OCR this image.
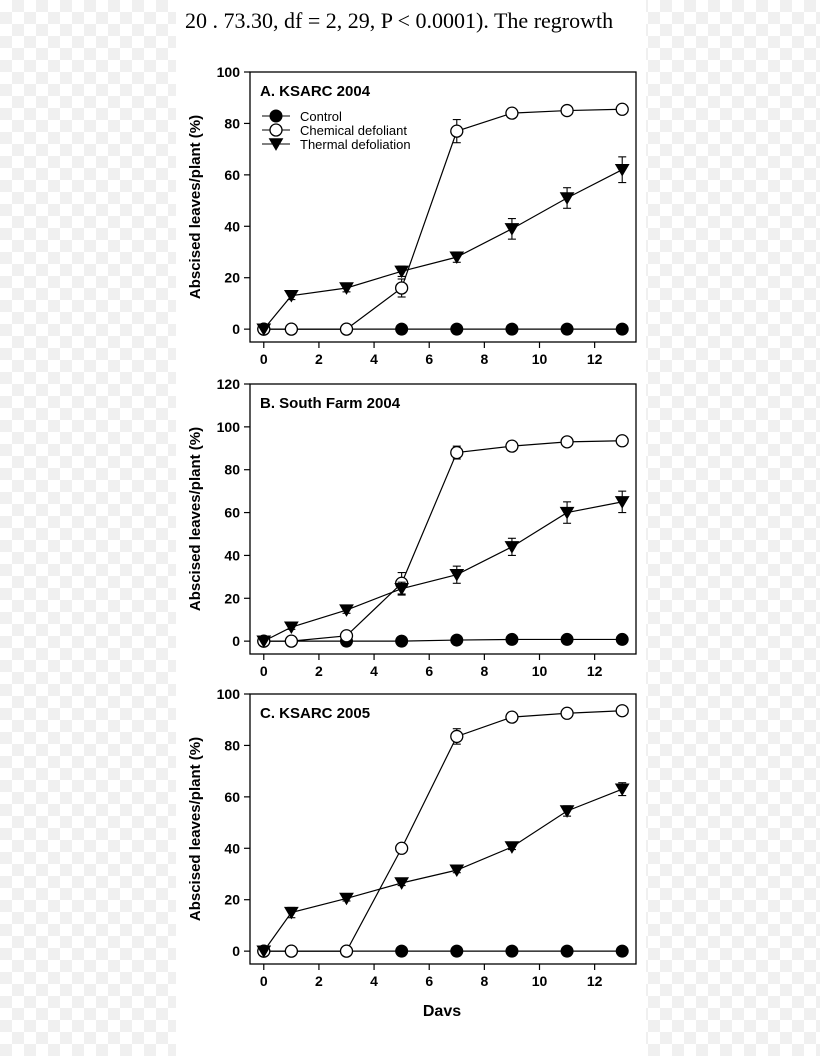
20 . 73.30, df = 2, 29, P < 0.0001). The regrowth
0	2	4	6	8	10	12
0
20
40
60
80
100
Abscised leaves/plant (%)
A. KSARC 2004
Control
Chemical defoliant
Thermal defoliation
0	2	4	6	8	10	12
0
20
40
60
80
100
120
Abscised leaves/plant (%)
B. South Farm 2004
0	2	4	6	8	10	12
0
20
40
60
80
100
Abscised leaves/plant (%)
C. KSARC 2005
Davs
